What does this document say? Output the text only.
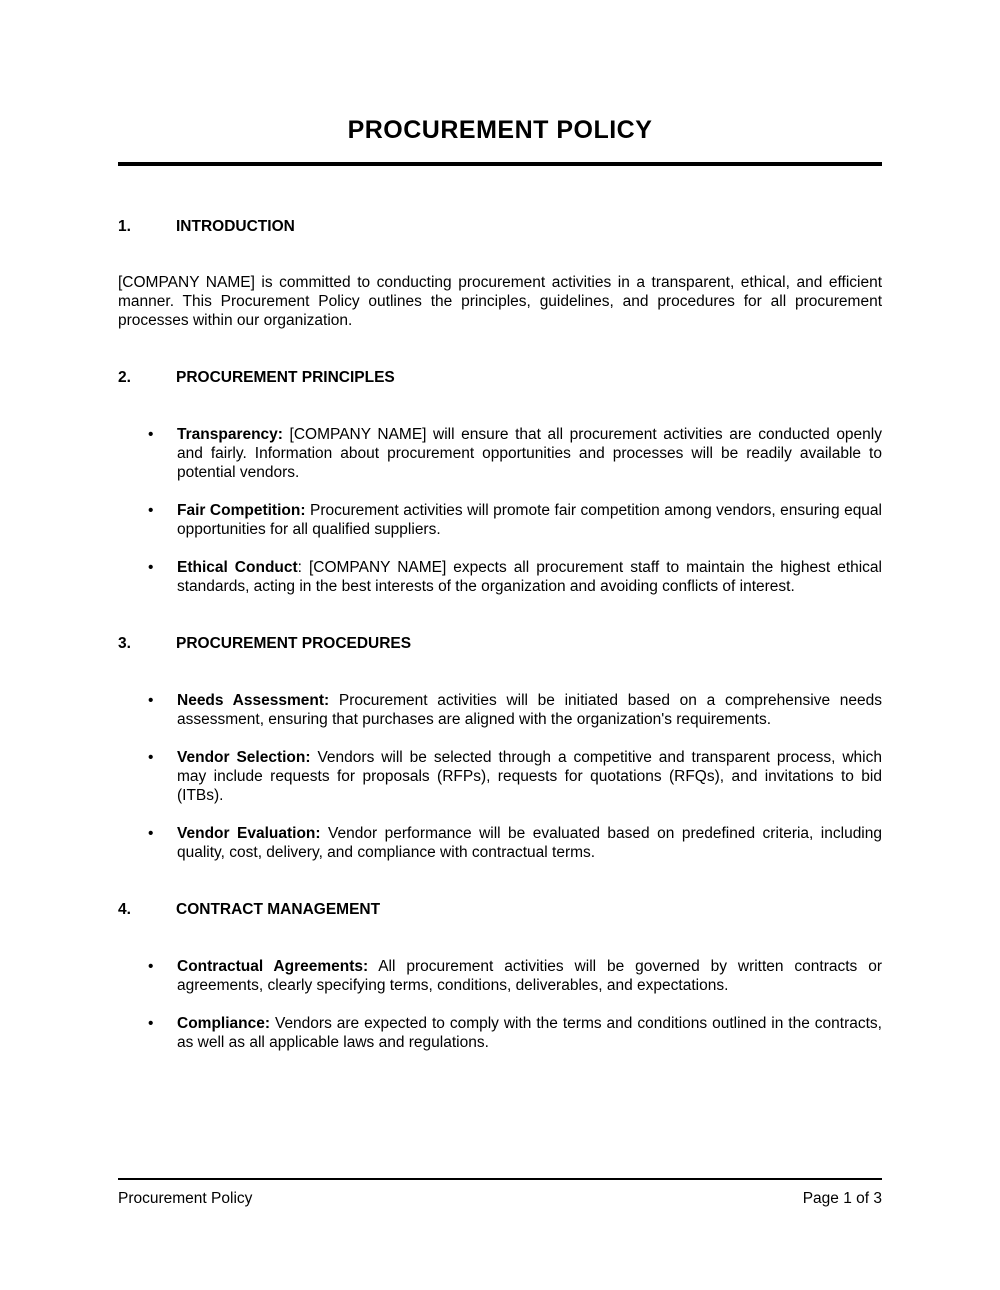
PROCUREMENT POLICY
1.	INTRODUCTION

[COMPANY NAME] is committed to conducting procurement activities in a transparent, ethical, and efficient manner. This Procurement Policy outlines the principles, guidelines, and procedures for all procurement processes within our organization.

2.	PROCUREMENT PRINCIPLES
• Transparency: [COMPANY NAME] will ensure that all procurement activities are conducted openly and fairly. Information about procurement opportunities and processes will be readily available to potential vendors.
• Fair Competition: Procurement activities will promote fair competition among vendors, ensuring equal opportunities for all qualified suppliers.
• Ethical Conduct: [COMPANY NAME] expects all procurement staff to maintain the highest ethical standards, acting in the best interests of the organization and avoiding conflicts of interest.
3.	PROCUREMENT PROCEDURES
• Needs Assessment: Procurement activities will be initiated based on a comprehensive needs assessment, ensuring that purchases are aligned with the organization's requirements.
• Vendor Selection: Vendors will be selected through a competitive and transparent process, which may include requests for proposals (RFPs), requests for quotations (RFQs), and invitations to bid (ITBs).
• Vendor Evaluation: Vendor performance will be evaluated based on predefined criteria, including quality, cost, delivery, and compliance with contractual terms.
4.	CONTRACT MANAGEMENT
• Contractual Agreements: All procurement activities will be governed by written contracts or agreements, clearly specifying terms, conditions, deliverables, and expectations.
• Compliance: Vendors are expected to comply with the terms and conditions outlined in the contracts, as well as all applicable laws and regulations.
Procurement Policy	Page 1 of 3
